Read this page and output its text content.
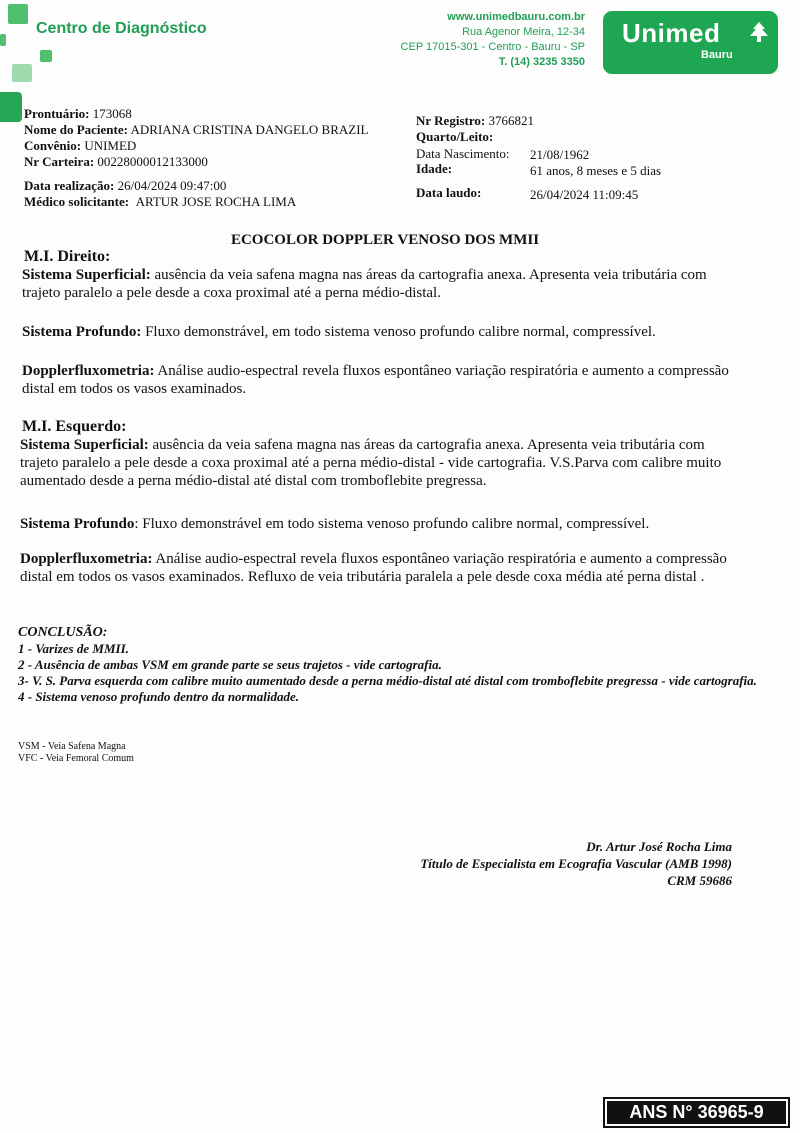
Centro de Diagnóstico
www.unimedbauru.com.br
Rua Agenor Meira, 12-34
CEP 17015-301 - Centro - Bauru - SP
T. (14) 3235 3350
Unimed
Bauru
Prontuário: 173068
Nome do Paciente: ADRIANA CRISTINA DANGELO BRAZIL
Convênio: UNIMED
Nr Carteira: 00228000012133000
Data realização: 26/04/2024 09:47:00
Médico solicitante: ARTUR JOSE ROCHA LIMA
Nr Registro: 3766821
Quarto/Leito:
Data Nascimento: 21/08/1962
Idade:	61 anos, 8 meses e 5 dias
Data laudo:	26/04/2024 11:09:45
ECOCOLOR DOPPLER VENOSO DOS MMII
M.I. Direito:
Sistema Superficial: ausência da veia safena magna nas áreas da cartografia anexa. Apresenta veia tributária com trajeto paralelo a pele desde a coxa proximal até a perna médio-distal.
Sistema Profundo: Fluxo demonstrável, em todo sistema venoso profundo calibre normal, compressível.
Dopplerfluxometria: Análise audio-espectral revela fluxos espontâneo variação respiratória e aumento a compressão distal em todos os vasos examinados.
M.I. Esquerdo:
Sistema Superficial: ausência da veia safena magna nas áreas da cartografia anexa. Apresenta veia tributária com trajeto paralelo a pele desde a coxa proximal até a perna médio-distal - vide cartografia. V.S.Parva com calibre muito aumentado desde a perna médio-distal até distal com tromboflebite pregressa.
Sistema Profundo: Fluxo demonstrável em todo sistema venoso profundo calibre normal, compressível.
Dopplerfluxometria: Análise audio-espectral revela fluxos espontâneo variação respiratória e aumento a compressão distal em todos os vasos examinados. Refluxo de veia tributária paralela a pele desde coxa média até perna distal .
CONCLUSÃO:
1 - Varizes de MMII.
2 - Ausência de ambas VSM em grande parte se seus trajetos - vide cartografia.
3- V. S. Parva esquerda com calibre muito aumentado desde a perna médio-distal até distal com tromboflebite pregressa - vide cartografia.
4 - Sistema venoso profundo dentro da normalidade.
VSM - Veia Safena Magna
VFC - Veia Femoral Comum
Dr. Artur José Rocha Lima
Título de Especialista em Ecografia Vascular (AMB 1998)
CRM 59686
ANS N° 36965-9
